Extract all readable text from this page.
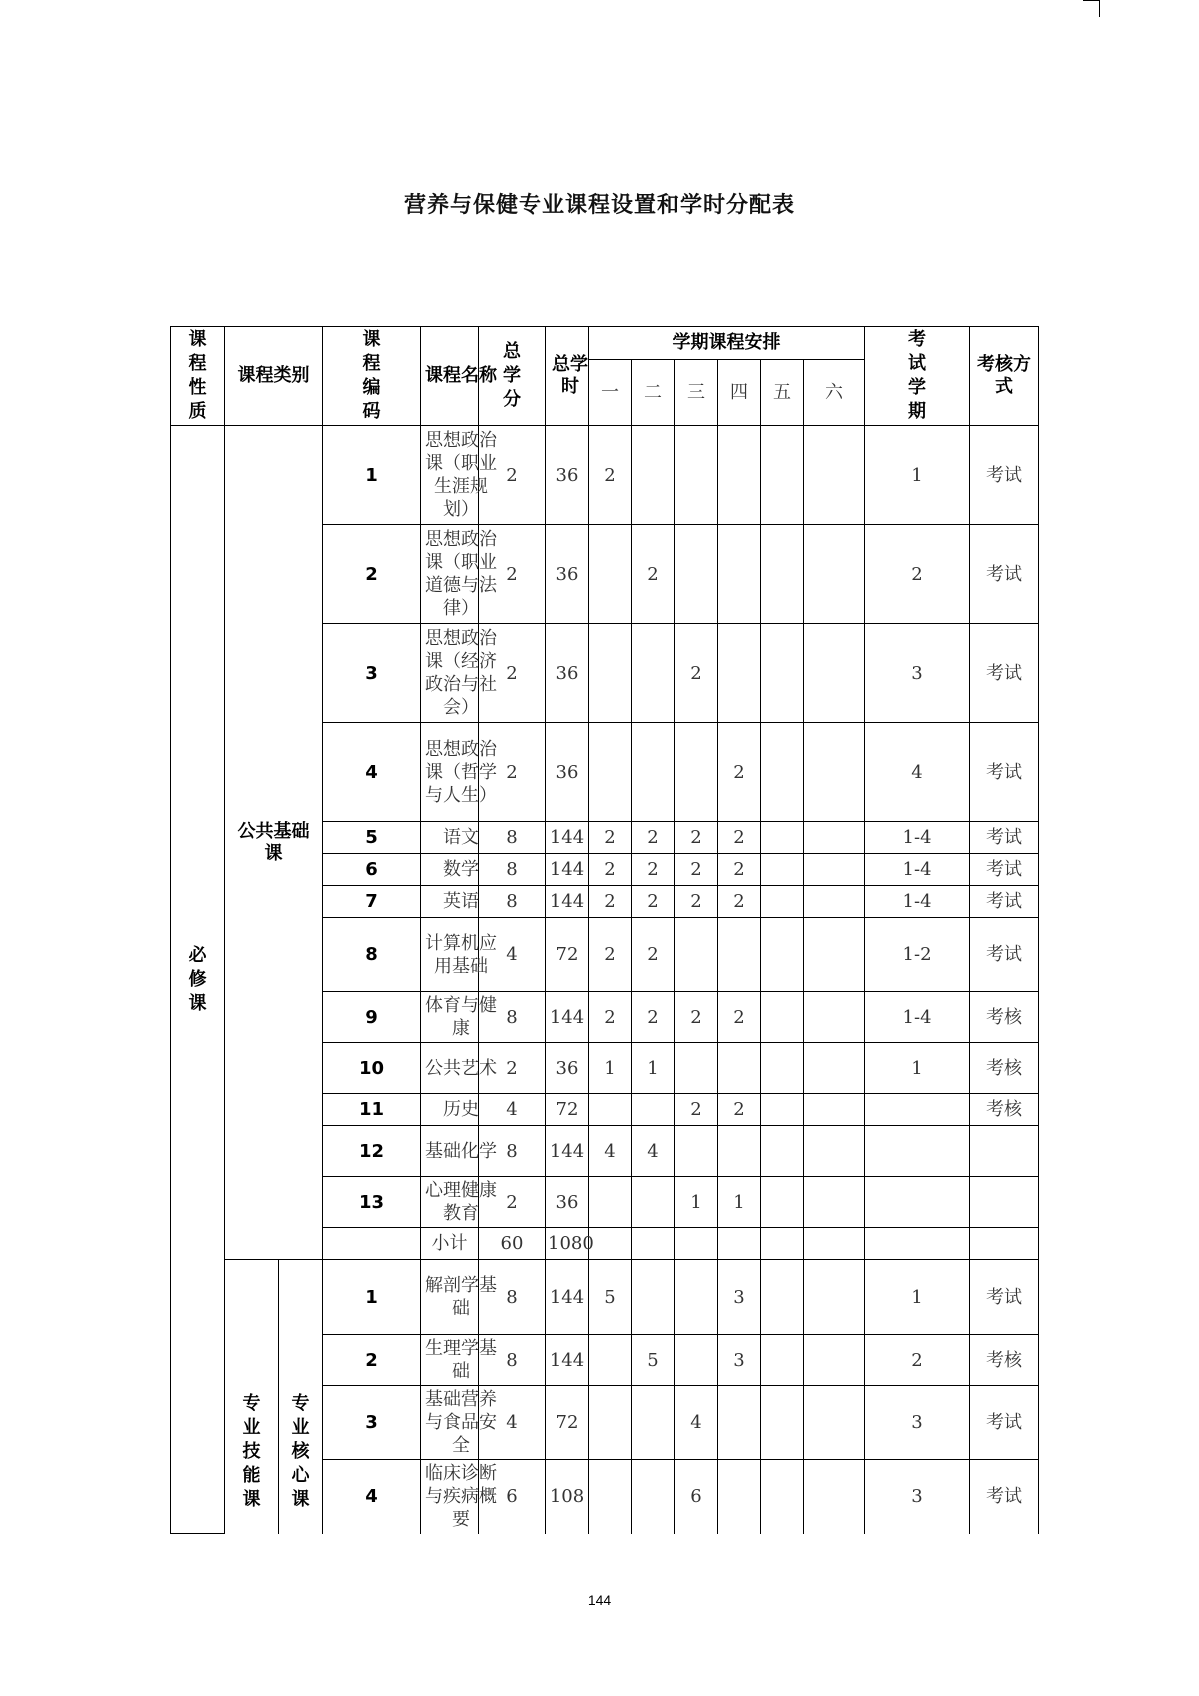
营养与保健专业课程设置和学时分配表
课程性质	课程类别		课程编码	课程名称	总学分	总学时	学期课程安排						考试学期	考核方式
							一	二	三	四	五	六		
必修课	公共基础课		1	思想政治课（职业生涯规划）	2	36	2						1	考试
			2	思想政治课（职业道德与法律）	2	36		2					2	考试
			3	思想政治课（经济政治与社会）	2	36			2				3	考试
			4	思想政治课（哲学与人生）	2	36				2			4	考试
			5	语文	8	144	2	2	2	2			1-4	考试
			6	数学	8	144	2	2	2	2			1-4	考试
			7	英语	8	144	2	2	2	2			1-4	考试
			8	计算机应用基础	4	72	2	2					1-2	考试
			9	体育与健康	8	144	2	2	2	2			1-4	考核
			10	公共艺术	2	36	1	1					1	考核
			11	历史	4	72			2	2				考核
			12	基础化学	8	144	4	4						
			13	心理健康教育	2	36			1	1				
				小计	60	1080								
	专业技能课	专业核心课	1	解剖学基础	8	144	5			3			1	考试
			2	生理学基础	8	144		5		3			2	考核
			3	基础营养与食品安全	4	72			4				3	考试
			4	临床诊断与疾病概要	6	108			6				3	考试
144
